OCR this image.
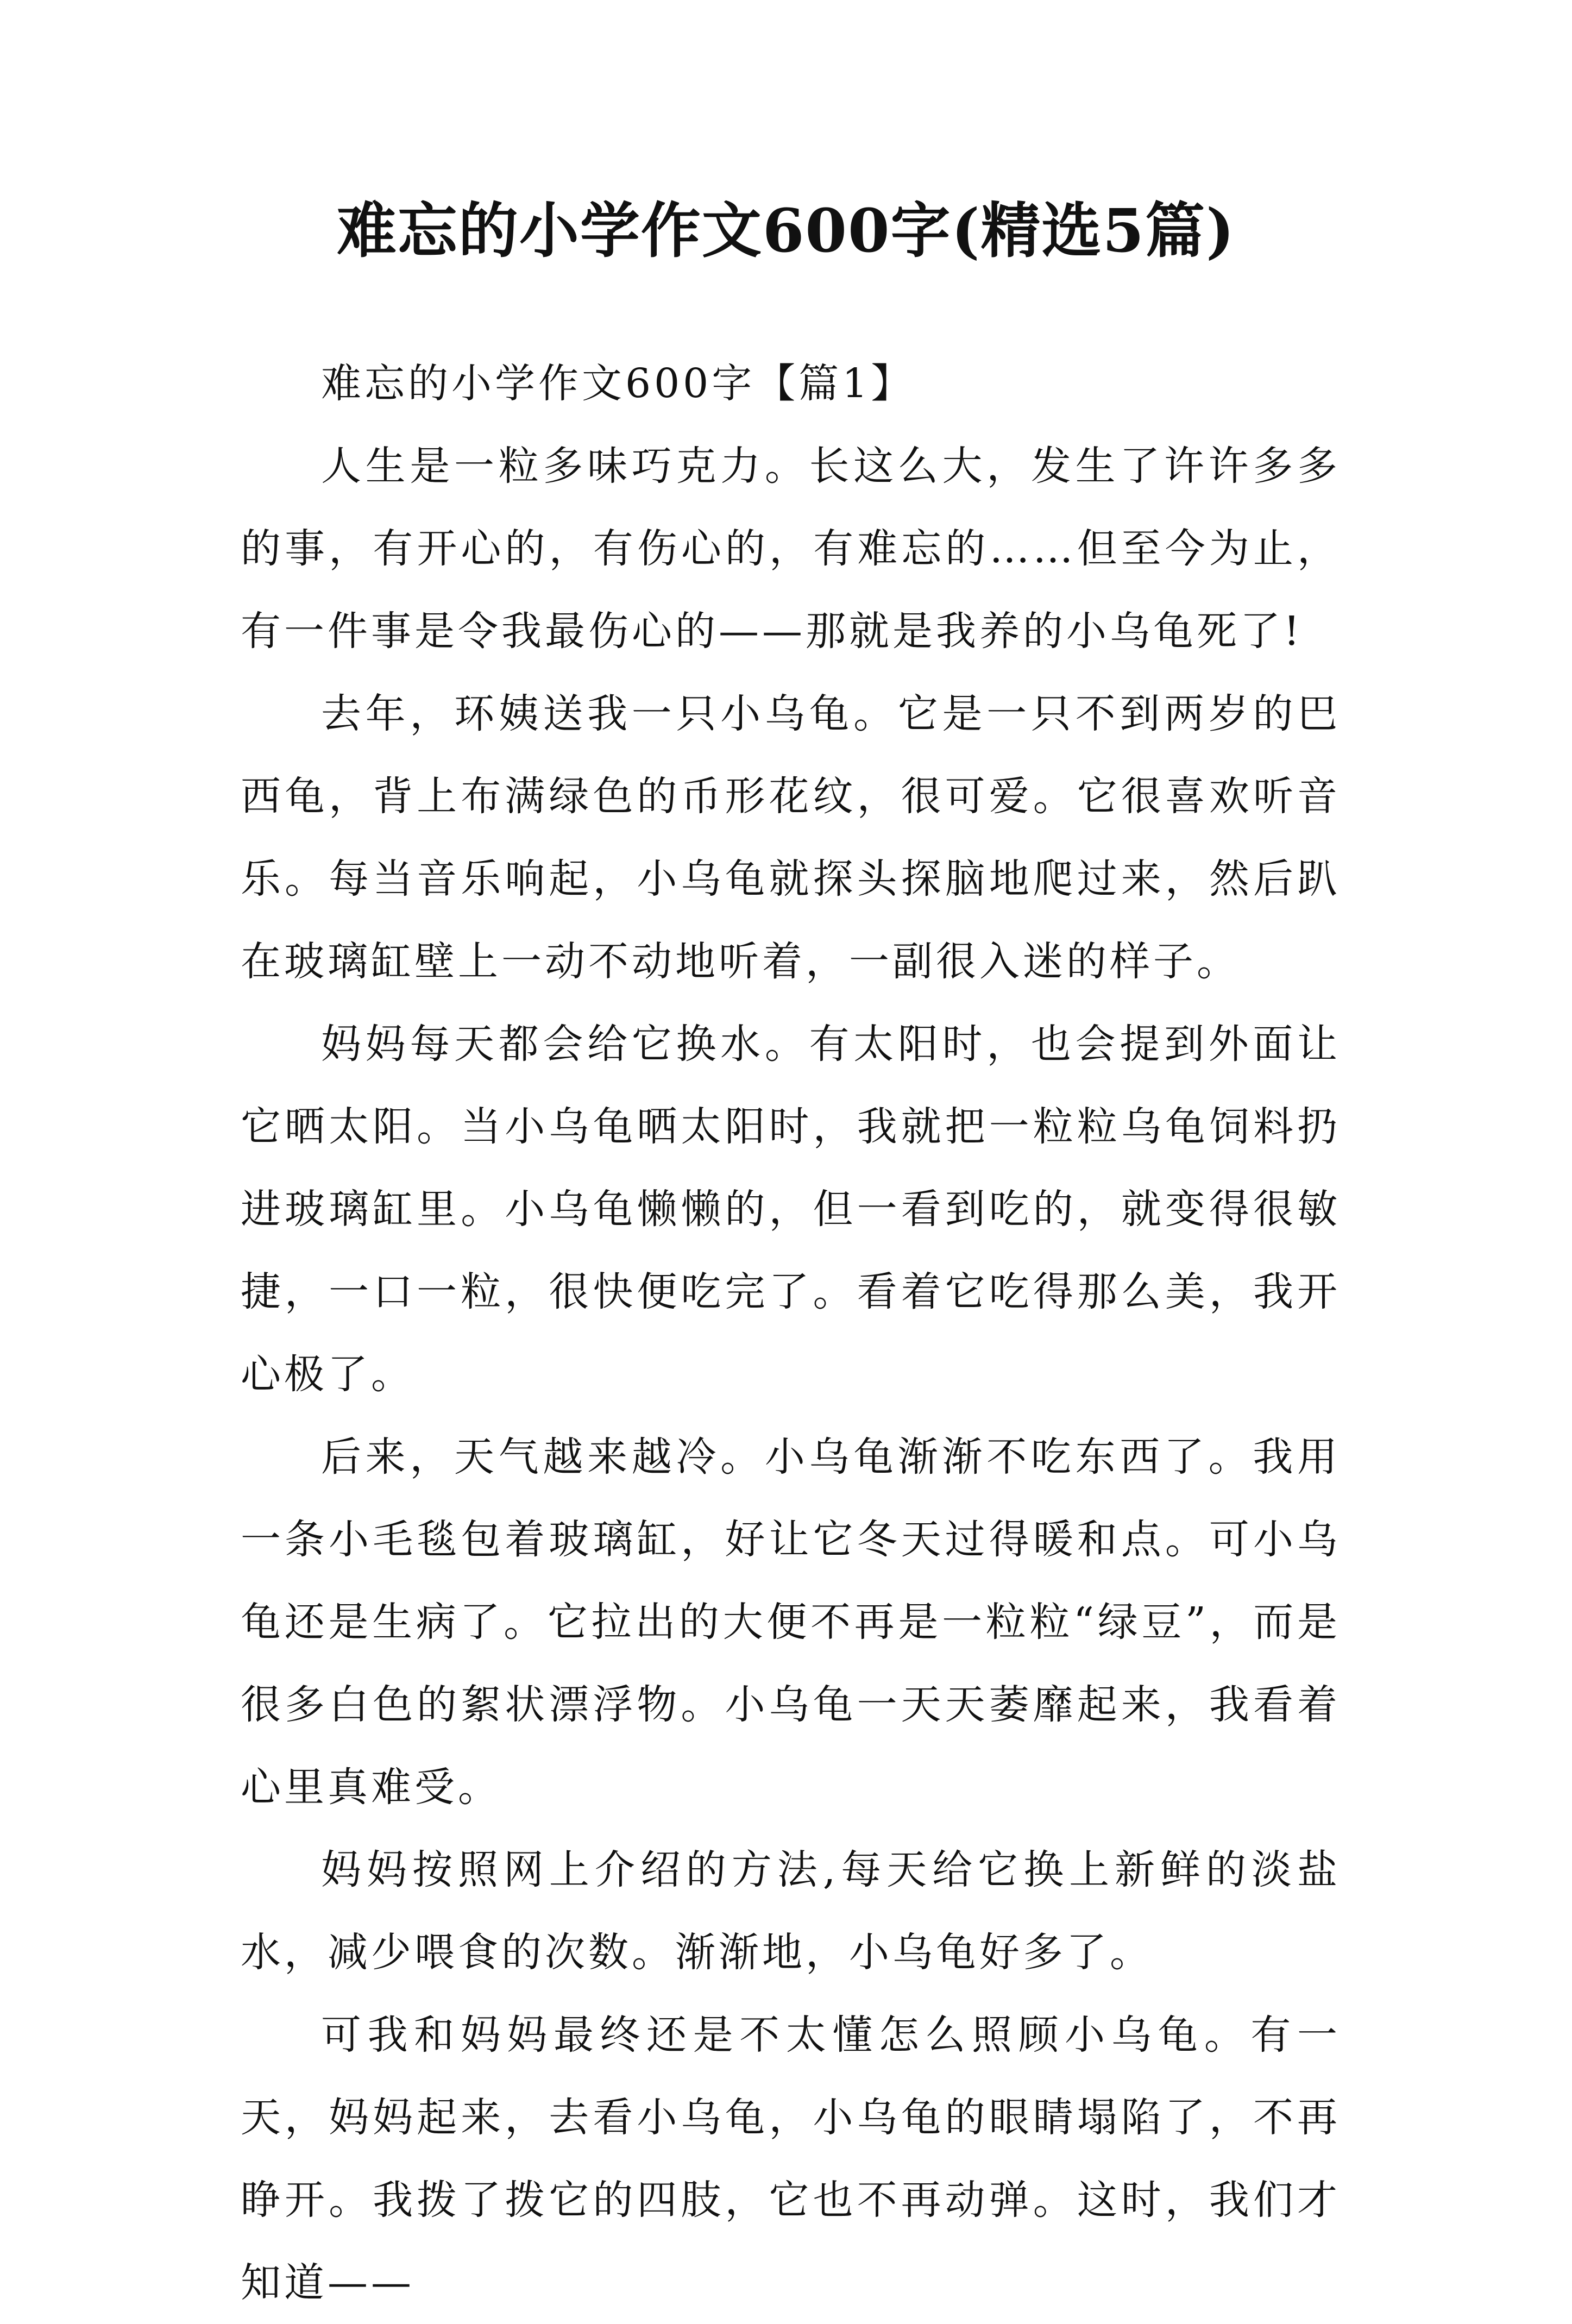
难忘的小学作文600字(精选5篇)

难忘的小学作文600字【篇1】

人生是一粒多味巧克力。长这么大，发生了许许多多的事，有开心的，有伤心的，有难忘的……但至今为止，有一件事是令我最伤心的——那就是我养的小乌龟死了!

去年，环姨送我一只小乌龟。它是一只不到两岁的巴西龟，背上布满绿色的币形花纹，很可爱。它很喜欢听音乐。每当音乐响起，小乌龟就探头探脑地爬过来，然后趴在玻璃缸壁上一动不动地听着，一副很入迷的样子。

妈妈每天都会给它换水。有太阳时，也会提到外面让它晒太阳。当小乌龟晒太阳时，我就把一粒粒乌龟饲料扔进玻璃缸里。小乌龟懒懒的，但一看到吃的，就变得很敏捷，一口一粒，很快便吃完了。看着它吃得那么美，我开心极了。

后来，天气越来越冷。小乌龟渐渐不吃东西了。我用一条小毛毯包着玻璃缸，好让它冬天过得暖和点。可小乌龟还是生病了。它拉出的大便不再是一粒粒“绿豆”，而是很多白色的絮状漂浮物。小乌龟一天天萎靡起来，我看着心里真难受。

妈妈按照网上介绍的方法,每天给它换上新鲜的淡盐水，减少喂食的次数。渐渐地，小乌龟好多了。

可我和妈妈最终还是不太懂怎么照顾小乌龟。有一天，妈妈起来，去看小乌龟，小乌龟的眼睛塌陷了，不再睁开。我拨了拨它的四肢，它也不再动弹。这时，我们才知道——
